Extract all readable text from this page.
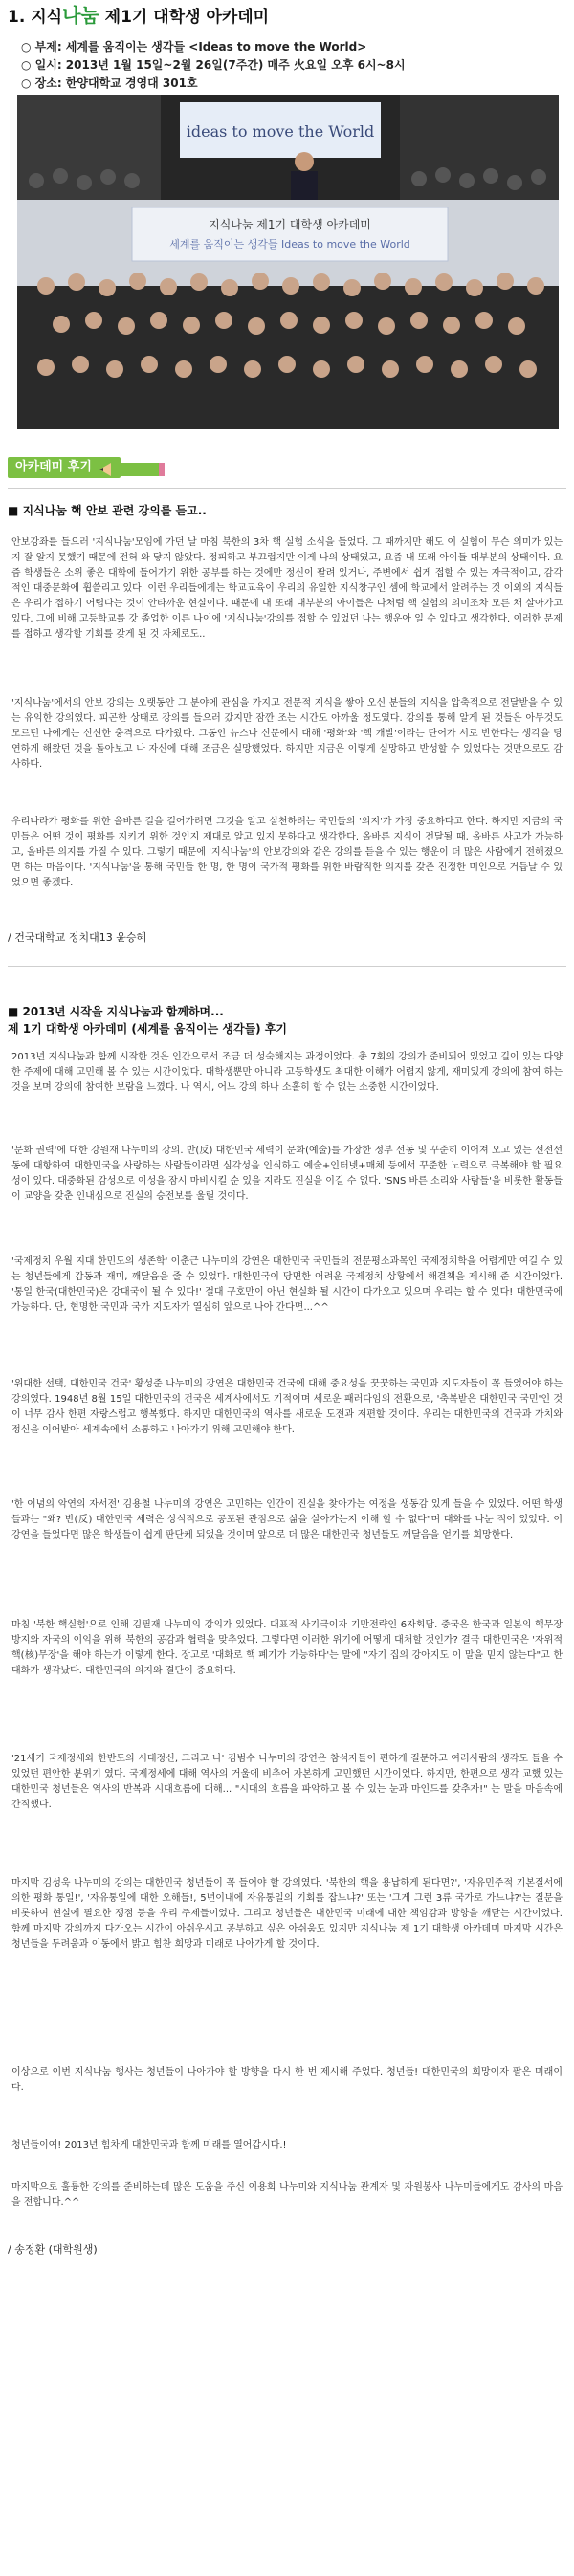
1. 지식나눔 제1기 대학생 아카데미
○ 부제: 세계를 움직이는 생각들 <Ideas to move the World>
○ 일시: 2013년 1월 15일~2월 26일(7주간) 매주 火요일 오후 6시~8시
○ 장소: 한양대학교 경영대 301호
ideas to move the World
지식나눔 제1기 대학생 아카데미
세계를 움직이는 생각들 Ideas to move the World
아카데미 후기
■ 지식나눔 핵 안보 관련 강의를 듣고..
안보강좌를 들으러 '지식나눔'모임에 가던 날 마침 북한의 3차 핵 실험 소식을 들었다. 그 때까지만 해도 이 실험이 무슨 의미가 있는지 잘 알지 못했기 때문에 전혀 와 닿지 않았다. 정피하고 부끄럽지만 이게 나의 상태였고, 요즘 내 또래 아이들 대부분의 상태이다. 요즘 학생들은 소위 좋은 대학에 들어가기 위한 공부를 하는 것에만 정신이 팔려 있거나, 주변에서 쉽게 접할 수 있는 자극적이고, 감각적인 대중문화에 휩쓸리고 있다. 이런 우리들에게는 학교교육이 우리의 유일한 지식창구인 셈에 학교에서 알려주는 것 이외의 지식들은 우리가 접하기 어렵다는 것이 안타까운 현실이다. 때문에 내 또래 대부분의 아이들은 나처럼 핵 실험의 의미조차 모른 채 살아가고 있다. 그에 비해 고등학교를 갓 졸업한 이른 나이에 '지식나눔'강의를 접할 수 있었던 나는 행운아 일 수 있다고 생각한다. 이러한 문제를 접하고 생각할 기회를 갖게 된 것 자체로도..
'지식나눔'에서의 안보 강의는 오랫동안 그 분야에 관심을 가지고 전문적 지식을 쌓아 오신 분들의 지식을 압축적으로 전달받을 수 있는 유익한 강의였다. 피곤한 상태로 강의를 들으러 갔지만 잠깐 조는 시간도 아까울 정도였다. 강의를 통해 알게 된 것들은 아무것도 모르던 나에게는 신선한 충격으로 다가왔다. 그동안 뉴스나 신문에서 대해 '평화'와 '핵 개발'이라는 단어가 서로 반한다는 생각을 당연하게 해왔던 것을 돌아보고 나 자신에 대해 조금은 실망했었다. 하지만 지금은 이렇게 실망하고 반성할 수 있었다는 것만으로도 감사하다.
우리나라가 평화를 위한 올바른 길을 걸어가려면 그것을 알고 실천하려는 국민들의 '의지'가 가장 중요하다고 한다. 하지만 지금의 국민들은 어떤 것이 평화를 지키기 위한 것인지 제대로 알고 있지 못하다고 생각한다. 올바른 지식이 전달될 때, 올바른 사고가 가능하고, 올바른 의지를 가질 수 있다. 그렇기 때문에 '지식나눔'의 안보강의와 같은 강의를 듣을 수 있는 행운이 더 많은 사람에게 전해졌으면 하는 마음이다. '지식나눔'을 통해 국민들 한 명, 한 명이 국가적 평화를 위한 바람직한 의지를 갖춘 진정한 미인으로 거듭날 수 있었으면 좋겠다.
/ 건국대학교 정치대13 윤승혜
■ 2013년 시작을 지식나눔과 함께하며...
제 1기 대학생 아카데미 (세계를 움직이는 생각들) 후기
2013년 지식나눔과 함께 시작한 것은 인간으로서 조금 더 성숙해지는 과정이었다. 총 7회의 강의가 준비되어 있었고 길이 있는 다양한 주제에 대해 고민해 볼 수 있는 시간이었다. 대학생뿐만 아니라 고등학생도 최대한 이해가 어렵지 않게, 재미있게 강의에 참여 하는 것을 보며 강의에 참여한 보람을 느꼈다. 나 역시, 어느 강의 하나 소홀히 할 수 없는 소중한 시간이었다.
'문화 권력'에 대한 강원재 나누미의 강의. 반(反) 대한민국 세력이 문화(예술)를 가장한 정부 선동 및 꾸준히 이어져 오고 있는 선전선동에 대항하여 대한민국을 사랑하는 사람들이라면 심각성을 인식하고 예술+인터넷+매체 등에서 꾸준한 노력으로 극복해야 할 필요성이 있다. 대중화된 감성으로 이성을 잠시 마비시킬 순 있을 지라도 진실을 이길 수 없다. 'SNS 바른 소리와 사람들'을 비롯한 활동들이 교양을 갖춘 인내심으로 진실의 승전보를 울릴 것이다.
'국제정치 우월 지대 한민도의 생존학' 이춘근 나누미의 강연은 대한민국 국민들의 전문평소과목인 국제정치학을 어렵게만 여길 수 있는 청년들에게 감동과 재미, 깨달음을 줄 수 있었다. 대한민국이 당면한 어려운 국제정치 상황에서 해결책을 제시해 준 시간이었다. '통일 한국(대한민국)은 강대국이 될 수 있다!' 절대 구호만이 아닌 현실화 될 시간이 다가오고 있으며 우리는 할 수 있다! 대한민국에 가능하다. 단, 현명한 국민과 국가 지도자가 열심히 앞으로 나아 간다면...^^
'위대한 선택, 대한민국 건국' 황성준 나누미의 강연은 대한민국 건국에 대해 중요성을 꿋꿋하는 국민과 지도자들이 꼭 들었어야 하는 강의였다. 1948년 8월 15일 대한민국의 건국은 세계사에서도 기적이며 세로운 패러다임의 전환으로, '축복받은 대한민국 국민'인 것이 너무 감사 한편 자랑스럽고 행복했다. 하지만 대한민국의 역사를 새로운 도전과 저편할 것이다. 우리는 대한민국의 건국과 가치와 정신을 이어받아 세계속에서 소통하고 나아가기 위해 고민해야 한다.
'한 이념의 악연의 자서전' 김용철 나누미의 강연은 고민하는 인간이 진실을 찾아가는 여정을 생동감 있게 들을 수 있었다. 어떤 학생들과는 "왜? 반(反) 대한민국 세력은 상식적으로 공포된 관점으로 삶을 살아가는지 이해 할 수 없다"며 대화를 나눈 적이 있었다. 이 강연을 들었다면 많은 학생들이 쉽게 판단케 되었을 것이며 앞으로 더 많은 대한민국 청년들도 깨달음을 얻기를 희망한다.
마침 '북한 핵실험'으로 인해 김필재 나누미의 강의가 있었다. 대표적 사기극이자 기만전략인 6자회담. 중국은 한국과 일본의 핵무장 방지와 자국의 이익을 위해 북한의 공감과 협력을 맞추었다. 그렇다면 이러한 위기에 어떻게 대처할 것인가? 결국 대한민국은 '자위적 핵(核)무장'을 해야 하는가 이렇게 한다. 장고로 '대화로 핵 폐기가 가능하다'는 말에 "자기 집의 강아지도 이 말을 믿지 않는다"고 한 대화가 생각났다. 대한민국의 의지와 결단이 중요하다.
'21세기 국제정세와 한반도의 시대정신, 그리고 나' 김범수 나누미의 강연은 참석자들이 편하게 질문하고 여러사람의 생각도 들을 수 있었던 편안한 분위기 였다. 국제정세에 대해 역사의 거울에 비추어 자본하게 고민했던 시간이었다. 하지만, 한편으로 생각 교했 있는 대한민국 청년들은 역사의 반복과 시대흐름에 대해... "시대의 흐름을 파악하고 볼 수 있는 눈과 마인드를 갖추자!" 는 말을 마음속에 간직했다.
마지막 김성욱 나누미의 강의는 대한민국 청년들이 꼭 들어야 할 강의였다. '북한의 핵을 용납하게 된다면?', '자유민주적 기본질서에 의한 평화 통일!', '자유통일에 대한 오해들!, 5년이내에 자유통일의 기회를 잡느냐?' 또는 '그게 그런 3류 국가로 가느냐?'는 질문을 비롯하여 현실에 필요한 쟁점 등을 우리 주제들이었다. 그리고 청년들은 대한민국 미래에 대한 책임감과 방향을 깨닫는 시간이었다. 함께 마지막 강의까지 다가오는 시간이 아쉬우시고 공부하고 싶은 아쉬움도 있지만 지식나눔 제 1기 대학생 아카데미 마지막 시간은 청년들을 두려움과 이동에서 밝고 힘찬 희망과 미래로 나아가게 할 것이다.
이상으로 이번 지식나눔 행사는 청년들이 나아가야 할 방향을 다시 한 번 제시해 주었다. 청년들! 대한민국의 희망이자 팔은 미래이다.
청년들이여! 2013년 힘차게 대한민국과 함께 미래를 열어갑시다.!
마지막으로 훌륭한 강의를 준비하는데 많은 도움을 주신 이용희 나누미와 지식나눔 관계자 및 자원봉사 나누미들에게도 감사의 마음을 전합니다.^^
/ 송정환 (대학원생)
